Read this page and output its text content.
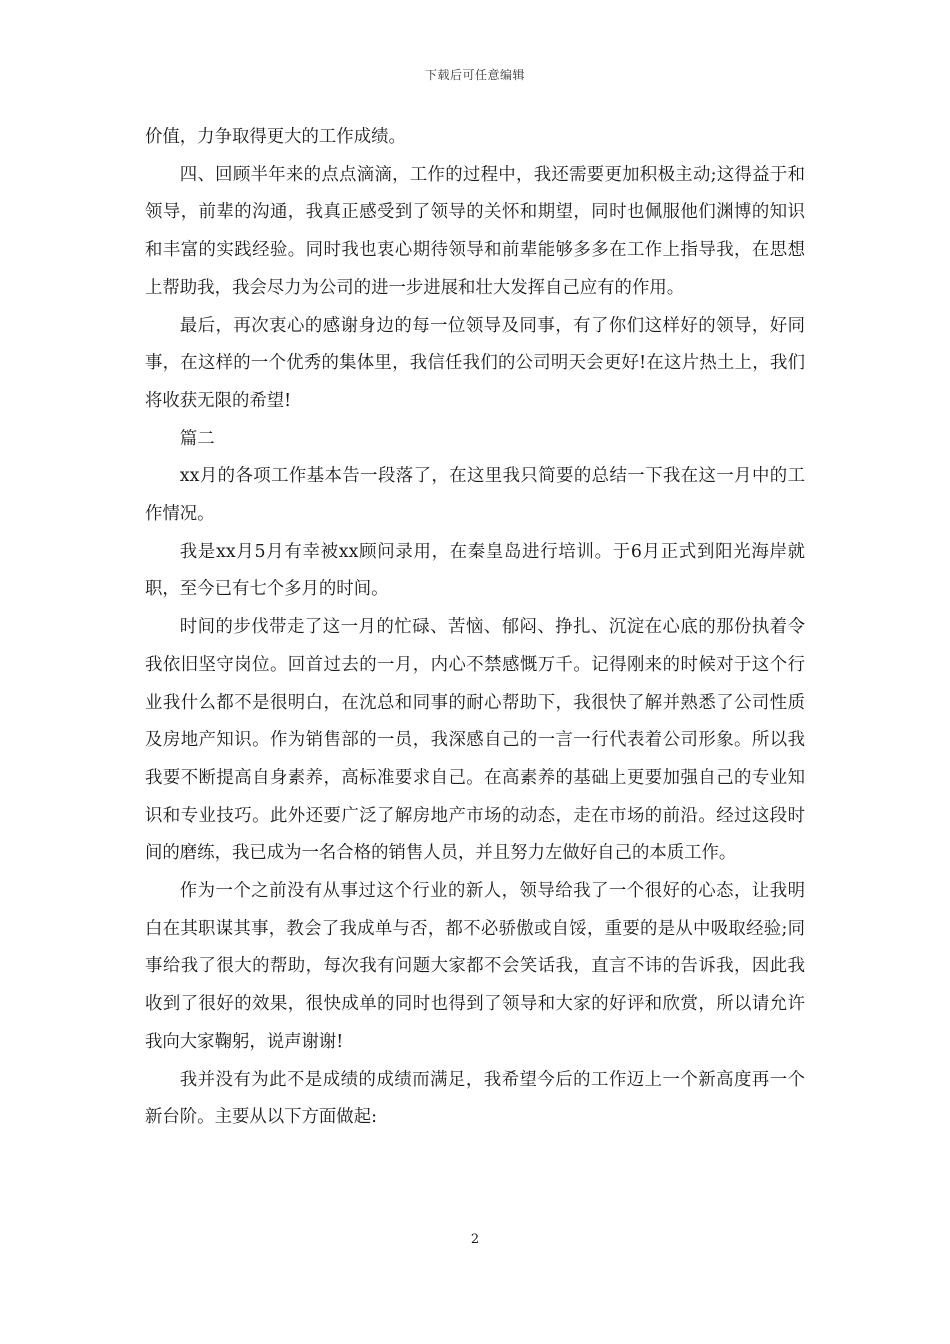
下载后可任意编辑

价值，力争取得更大的工作成绩。

四、回顾半年来的点点滴滴，工作的过程中，我还需要更加积极主动;这得益于和领导，前辈的沟通，我真正感受到了领导的关怀和期望，同时也佩服他们渊博的知识和丰富的实践经验。同时我也衷心期待领导和前辈能够多多在工作上指导我，在思想上帮助我，我会尽力为公司的进一步进展和壮大发挥自己应有的作用。

最后，再次衷心的感谢身边的每一位领导及同事，有了你们这样好的领导，好同事，在这样的一个优秀的集体里，我信任我们的公司明天会更好!在这片热土上，我们将收获无限的希望!

篇二

xx月的各项工作基本告一段落了，在这里我只简要的总结一下我在这一月中的工作情况。

我是xx月5月有幸被xx顾问录用，在秦皇岛进行培训。于6月正式到阳光海岸就职，至今已有七个多月的时间。

时间的步伐带走了这一月的忙碌、苦恼、郁闷、挣扎、沉淀在心底的那份执着令我依旧坚守岗位。回首过去的一月，内心不禁感慨万千。记得刚来的时候对于这个行业我什么都不是很明白，在沈总和同事的耐心帮助下，我很快了解并熟悉了公司性质及房地产知识。作为销售部的一员，我深感自己的一言一行代表着公司形象。所以我我要不断提高自身素养，高标准要求自己。在高素养的基础上更要加强自己的专业知识和专业技巧。此外还要广泛了解房地产市场的动态，走在市场的前沿。经过这段时间的磨练，我已成为一名合格的销售人员，并且努力左做好自己的本质工作。

作为一个之前没有从事过这个行业的新人，领导给我了一个很好的心态，让我明白在其职谋其事，教会了我成单与否，都不必骄傲或自馁，重要的是从中吸取经验;同事给我了很大的帮助，每次我有问题大家都不会笑话我，直言不讳的告诉我，因此我收到了很好的效果，很快成单的同时也得到了领导和大家的好评和欣赏，所以请允许我向大家鞠躬，说声谢谢!

我并没有为此不是成绩的成绩而满足，我希望今后的工作迈上一个新高度再一个新台阶。主要从以下方面做起:

2
